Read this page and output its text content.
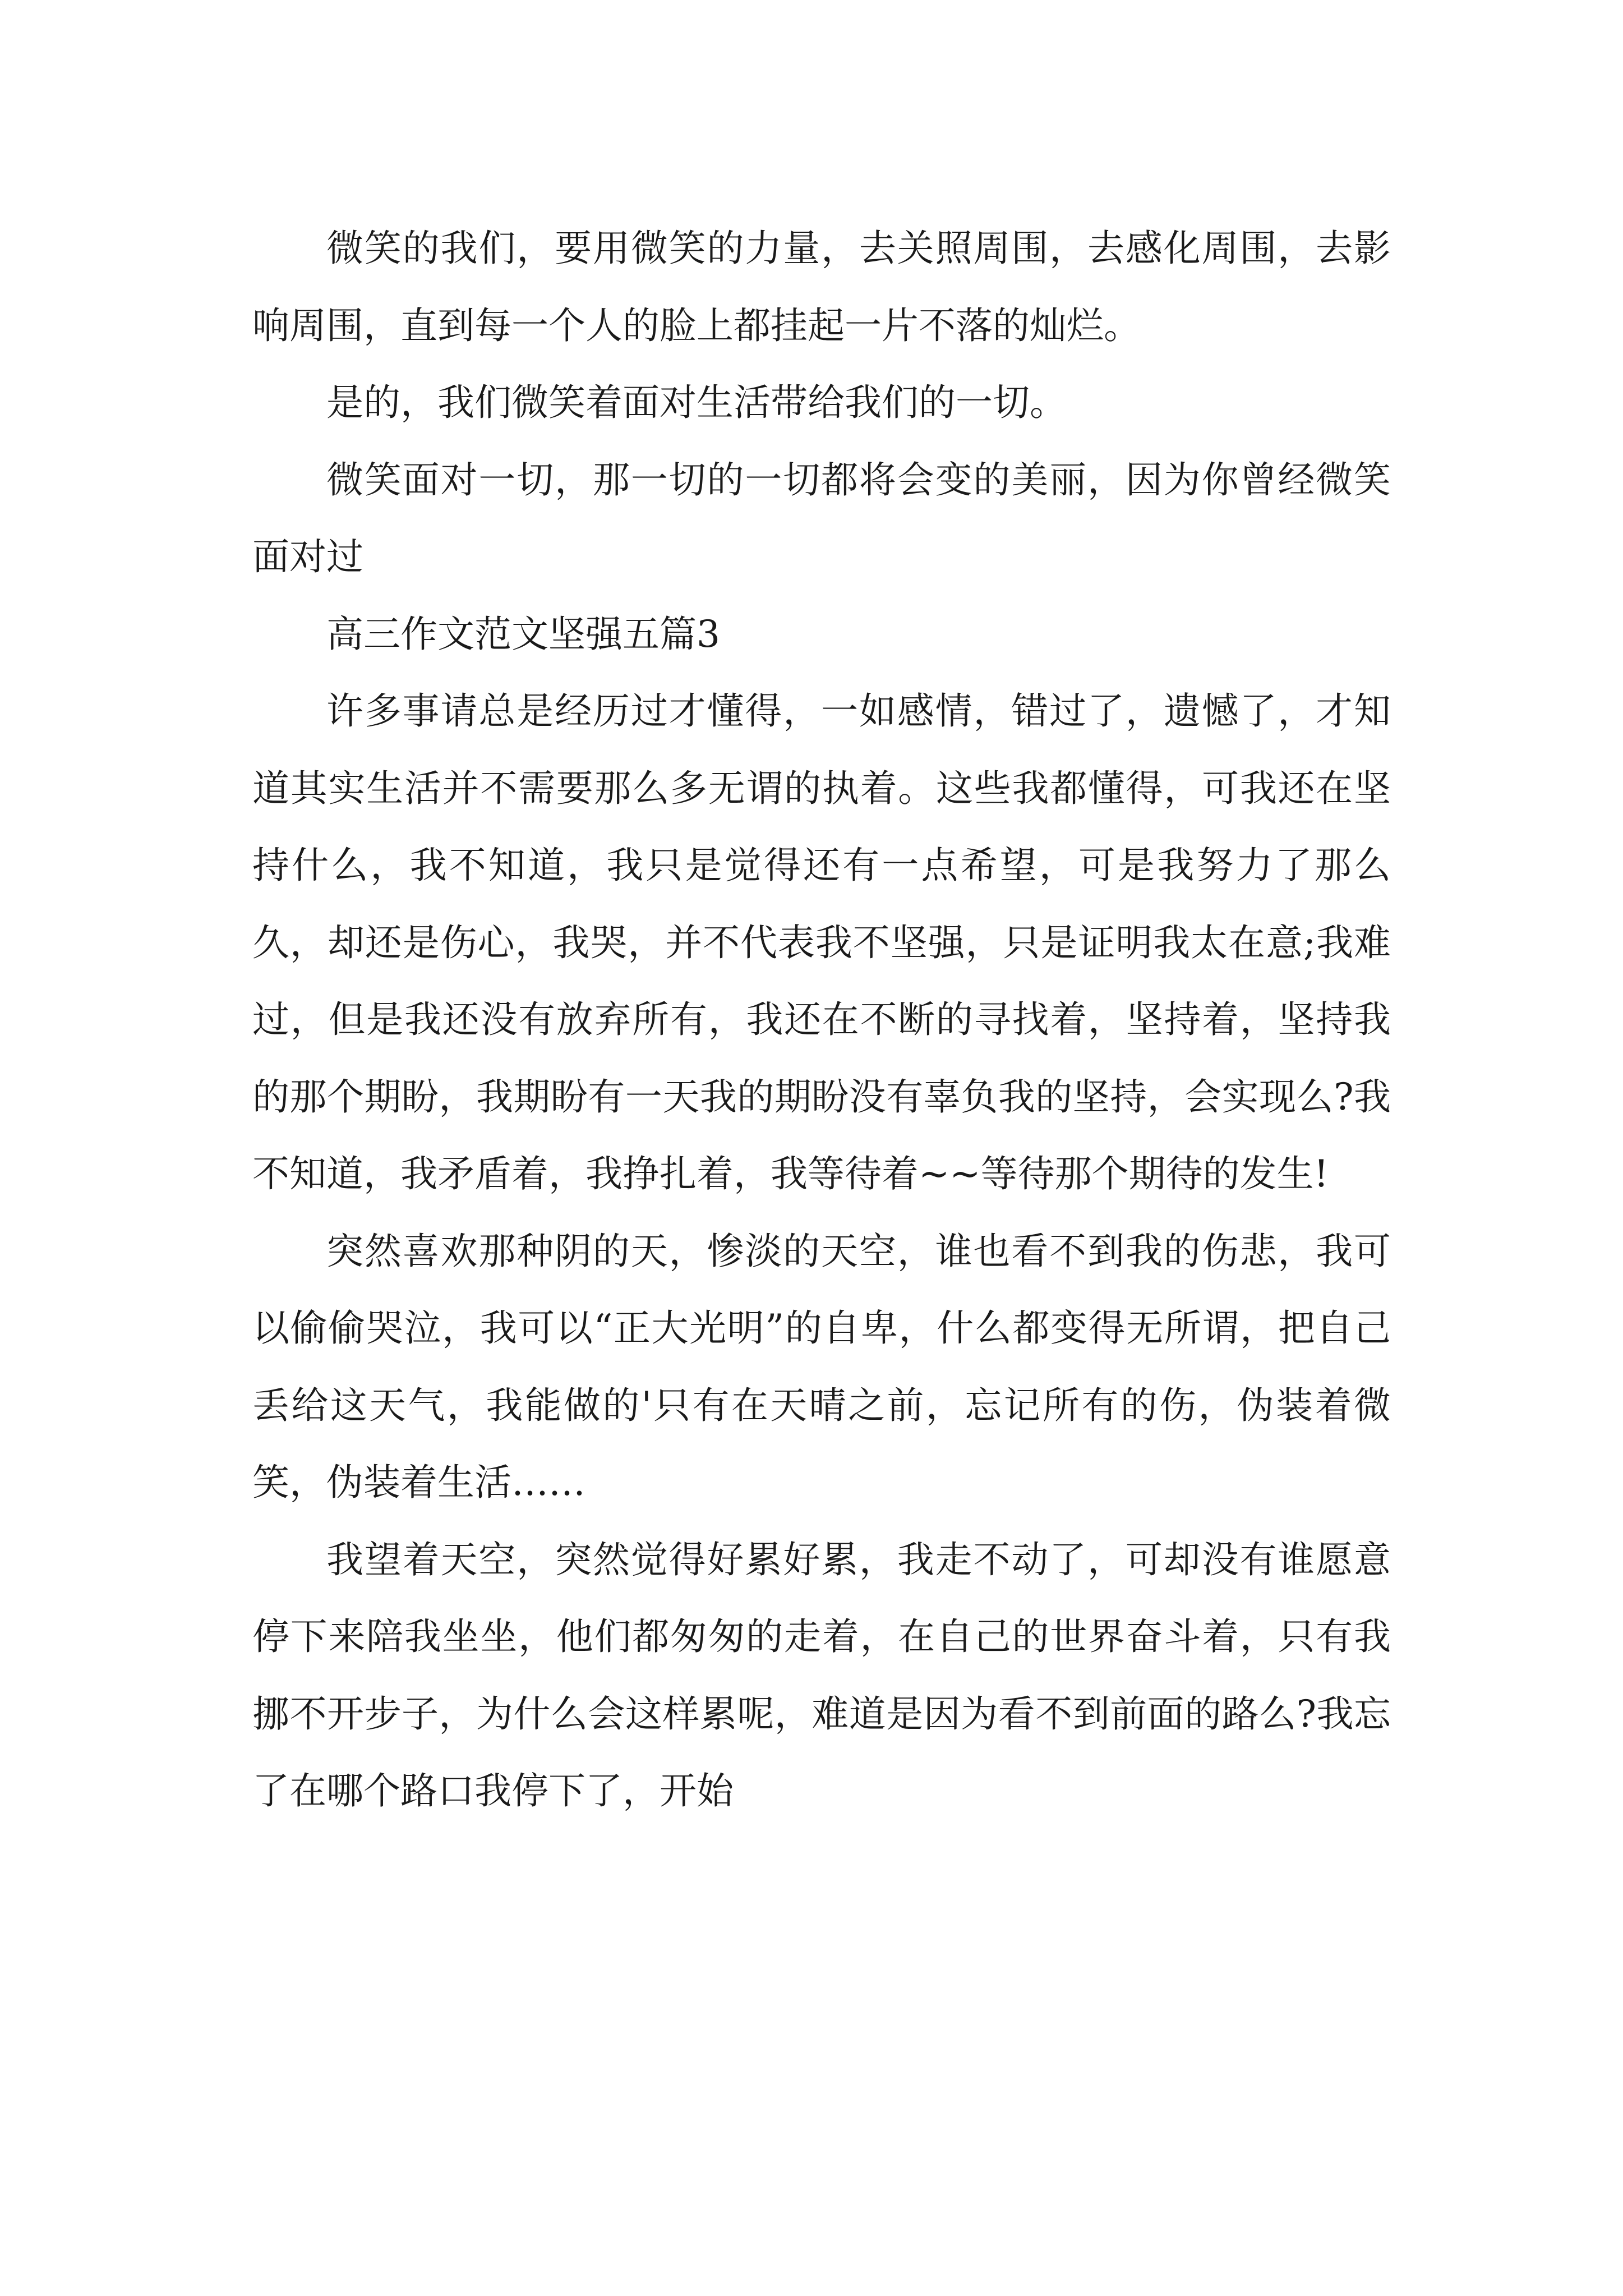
微笑的我们，要用微笑的力量，去关照周围，去感化周围，去影响周围，直到每一个人的脸上都挂起一片不落的灿烂。

是的，我们微笑着面对生活带给我们的一切。

微笑面对一切，那一切的一切都将会变的美丽，因为你曾经微笑面对过

高三作文范文坚强五篇3

许多事请总是经历过才懂得，一如感情，错过了，遗憾了，才知道其实生活并不需要那么多无谓的执着。这些我都懂得，可我还在坚持什么，我不知道，我只是觉得还有一点希望，可是我努力了那么久，却还是伤心，我哭，并不代表我不坚强，只是证明我太在意;我难过，但是我还没有放弃所有，我还在不断的寻找着，坚持着，坚持我的那个期盼，我期盼有一天我的期盼没有辜负我的坚持，会实现么?我不知道，我矛盾着，我挣扎着，我等待着~~等待那个期待的发生!

突然喜欢那种阴的天，惨淡的天空，谁也看不到我的伤悲，我可以偷偷哭泣，我可以“正大光明”的自卑，什么都变得无所谓，把自己丢给这天气，我能做的'只有在天晴之前，忘记所有的伤，伪装着微笑，伪装着生活……

我望着天空，突然觉得好累好累，我走不动了，可却没有谁愿意停下来陪我坐坐，他们都匆匆的走着，在自己的世界奋斗着，只有我挪不开步子，为什么会这样累呢，难道是因为看不到前面的路么?我忘了在哪个路口我停下了，开始
